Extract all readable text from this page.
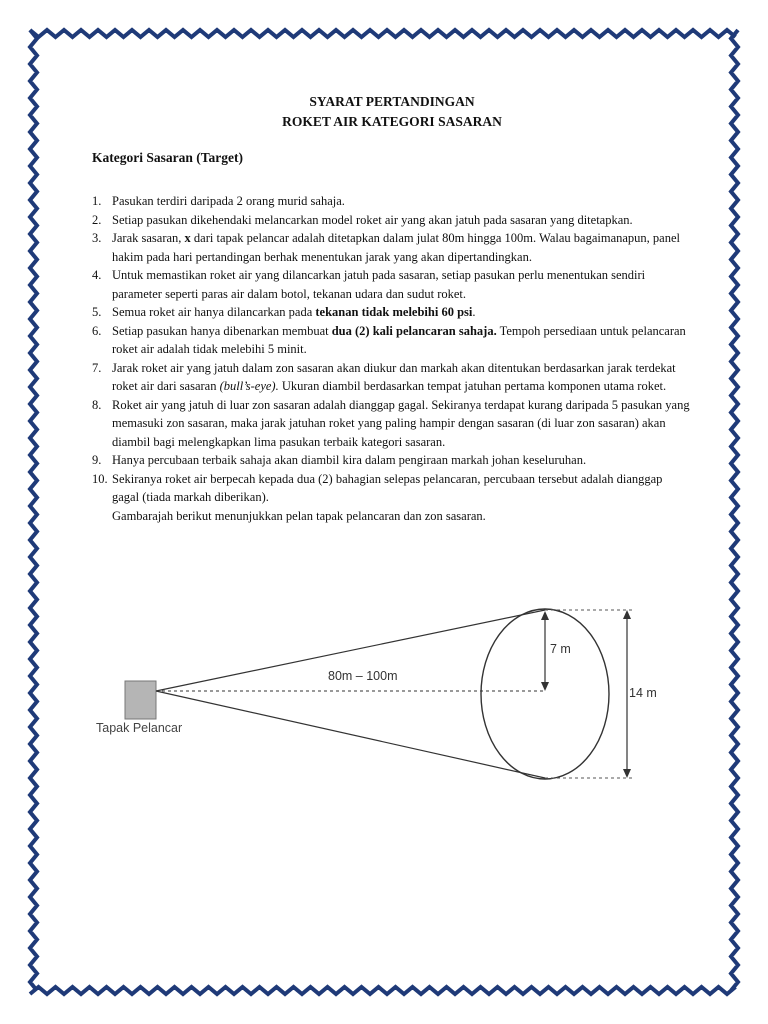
SYARAT PERTANDINGAN
ROKET AIR KATEGORI SASARAN
Kategori Sasaran (Target)
1. Pasukan terdiri daripada 2 orang murid sahaja.
2. Setiap pasukan dikehendaki melancarkan model roket air yang akan jatuh pada sasaran yang ditetapkan.
3. Jarak sasaran, x dari tapak pelancar adalah ditetapkan dalam julat 80m hingga 100m. Walau bagaimanapun, panel hakim pada hari pertandingan berhak menentukan jarak yang akan dipertandingkan.
4. Untuk memastikan roket air yang dilancarkan jatuh pada sasaran, setiap pasukan perlu menentukan sendiri parameter seperti paras air dalam botol, tekanan udara dan sudut roket.
5. Semua roket air hanya dilancarkan pada tekanan tidak melebihi 60 psi.
6. Setiap pasukan hanya dibenarkan membuat dua (2) kali pelancaran sahaja. Tempoh persediaan untuk pelancaran roket air adalah tidak melebihi 5 minit.
7. Jarak roket air yang jatuh dalam zon sasaran akan diukur dan markah akan ditentukan berdasarkan jarak terdekat roket air dari sasaran (bull’s-eye). Ukuran diambil berdasarkan tempat jatuhan pertama komponen utama roket.
8. Roket air yang jatuh di luar zon sasaran adalah dianggap gagal. Sekiranya terdapat kurang daripada 5 pasukan yang memasuki zon sasaran, maka jarak jatuhan roket yang paling hampir dengan sasaran (di luar zon sasaran) akan diambil bagi melengkapkan lima pasukan terbaik kategori sasaran.
9. Hanya percubaan terbaik sahaja akan diambil kira dalam pengiraan markah johan keseluruhan.
10. Sekiranya roket air berpecah kepada dua (2) bahagian selepas pelancaran, percubaan tersebut adalah dianggap gagal (tiada markah diberikan).
Gambarajah berikut menunjukkan pelan tapak pelancaran dan zon sasaran.
Tapak Pelancar
7 m
14 m
80m – 100m
